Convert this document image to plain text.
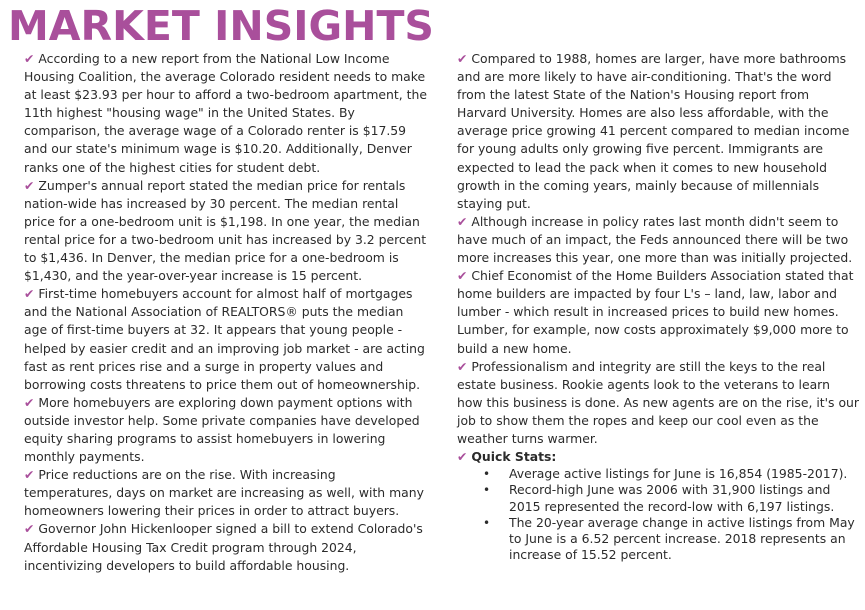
MARKET INSIGHTS

✔ According to a new report from the National Low Income Housing Coalition, the average Colorado resident needs to make at least $23.93 per hour to afford a two-bedroom apartment, the 11th highest "housing wage" in the United States. By comparison, the average wage of a Colorado renter is $17.59 and our state's minimum wage is $10.20. Additionally, Denver ranks one of the highest cities for student debt.

✔ Zumper's annual report stated the median price for rentals nation-wide has increased by 30 percent. The median rental price for a one-bedroom unit is $1,198. In one year, the median rental price for a two-bedroom unit has increased by 3.2 percent to $1,436. In Denver, the median price for a one-bedroom is $1,430, and the year-over-year increase is 15 percent.

✔ First-time homebuyers account for almost half of mortgages and the National Association of REALTORS® puts the median age of first-time buyers at 32. It appears that young people - helped by easier credit and an improving job market - are acting fast as rent prices rise and a surge in property values and borrowing costs threatens to price them out of homeownership.

✔ More homebuyers are exploring down payment options with outside investor help. Some private companies have developed equity sharing programs to assist homebuyers in lowering monthly payments.

✔ Price reductions are on the rise. With increasing temperatures, days on market are increasing as well, with many homeowners lowering their prices in order to attract buyers.

✔ Governor John Hickenlooper signed a bill to extend Colorado's Affordable Housing Tax Credit program through 2024, incentivizing developers to build affordable housing.

✔ Compared to 1988, homes are larger, have more bathrooms and are more likely to have air-conditioning. That's the word from the latest State of the Nation's Housing report from Harvard University. Homes are also less affordable, with the average price growing 41 percent compared to median income for young adults only growing five percent. Immigrants are expected to lead the pack when it comes to new household growth in the coming years, mainly because of millennials staying put.

✔ Although increase in policy rates last month didn't seem to have much of an impact, the Feds announced there will be two more increases this year, one more than was initially projected.

✔ Chief Economist of the Home Builders Association stated that home builders are impacted by four L's – land, law, labor and lumber - which result in increased prices to build new homes. Lumber, for example, now costs approximately $9,000 more to build a new home.

✔ Professionalism and integrity are still the keys to the real estate business. Rookie agents look to the veterans to learn how this business is done. As new agents are on the rise, it's our job to show them the ropes and keep our cool even as the weather turns warmer.

✔ Quick Stats:

• Average active listings for June is 16,854 (1985-2017).
• Record-high June was 2006 with 31,900 listings and 2015 represented the record-low with 6,197 listings.
• The 20-year average change in active listings from May to June is a 6.52 percent increase. 2018 represents an increase of 15.52 percent.
